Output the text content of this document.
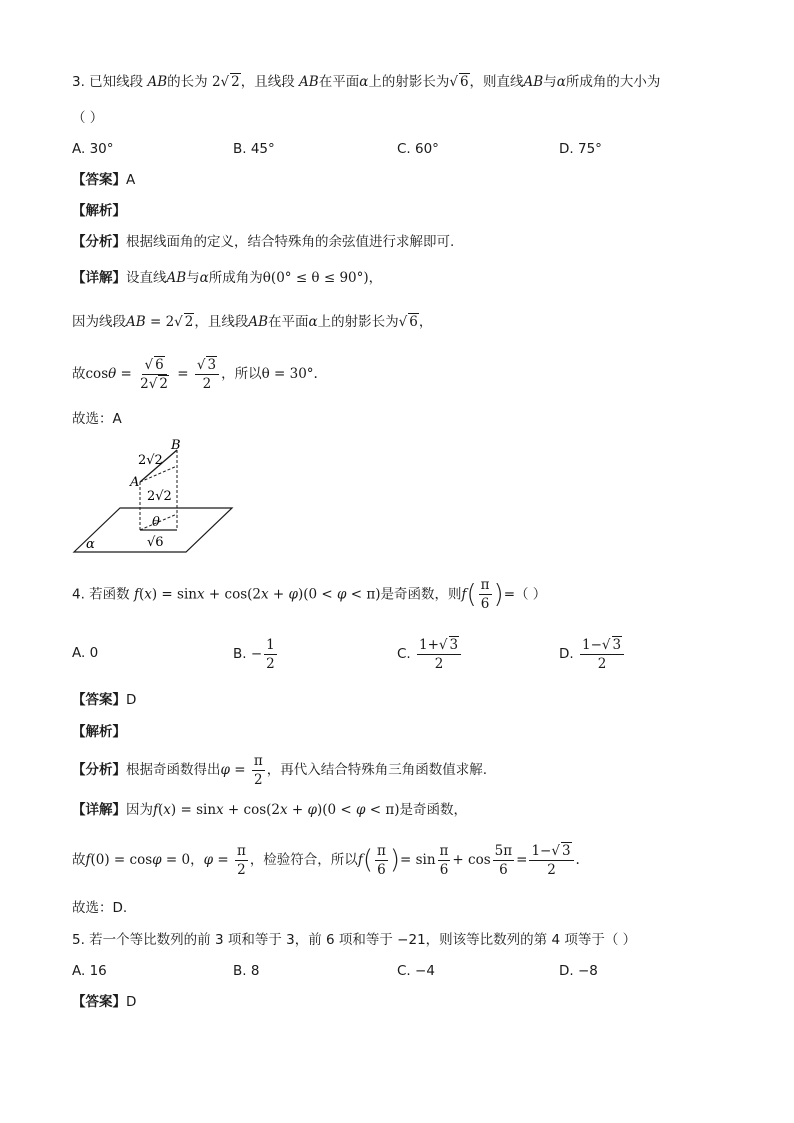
3. 已知线段 AB的长为 2√ 2，且线段 AB在平面α上的射影长为√ 6，则直线AB与α所成角的大小为
（ ）
A. 30°	B. 45°	C. 60°	D. 75°
【答案】A
【解析】
【分析】根据线面角的定义，结合特殊角的余弦值进行求解即可.
【详解】设直线AB与α所成角为θ(0° ≤ θ ≤ 90°)，
因为线段AB = 2√ 2，且线段AB在平面α上的射影长为√ 6，
故$\cos\theta = \frac{√ 6}{2√ 2} = \frac{√ 3}{2}$ ，所以θ = 30°.
故选：A
B
A
2√2
2√2
θ
√6
α
4. 若函数 f(x) = sinx + cos(2x + φ)(0 < φ < π)是奇函数，则$f( \frac{\pi}{6}$ )=（ ）
A. 0	B. − $\frac{1}{2}$	C. $\frac{1+√ 3}{2}$	D. $\frac{1-√ 3}{2}$
【答案】D
【解析】
【分析】根据奇函数得出$\varphi = \frac{\pi}{2}$ ，再代入结合特殊角三角函数值求解.
【详解】因为f(x) = sinx + cos(2x + φ)(0 < φ < π)是奇函数，
故f(0) = cosφ = 0，$\varphi = \frac{\pi}{2}$ ，检验符合，所以$f( \frac{\pi}{6}$ )= $\sin \frac{\pi}{6} + \cos \frac{5\pi}{6} = \frac{1-√ 3}{2}$ .
故选：D.
5. 若一个等比数列的前 3 项和等于 3，前 6 项和等于 −21，则该等比数列的第 4 项等于（ ）
A. 16	B. 8	C. −4	D. −8
【答案】D
